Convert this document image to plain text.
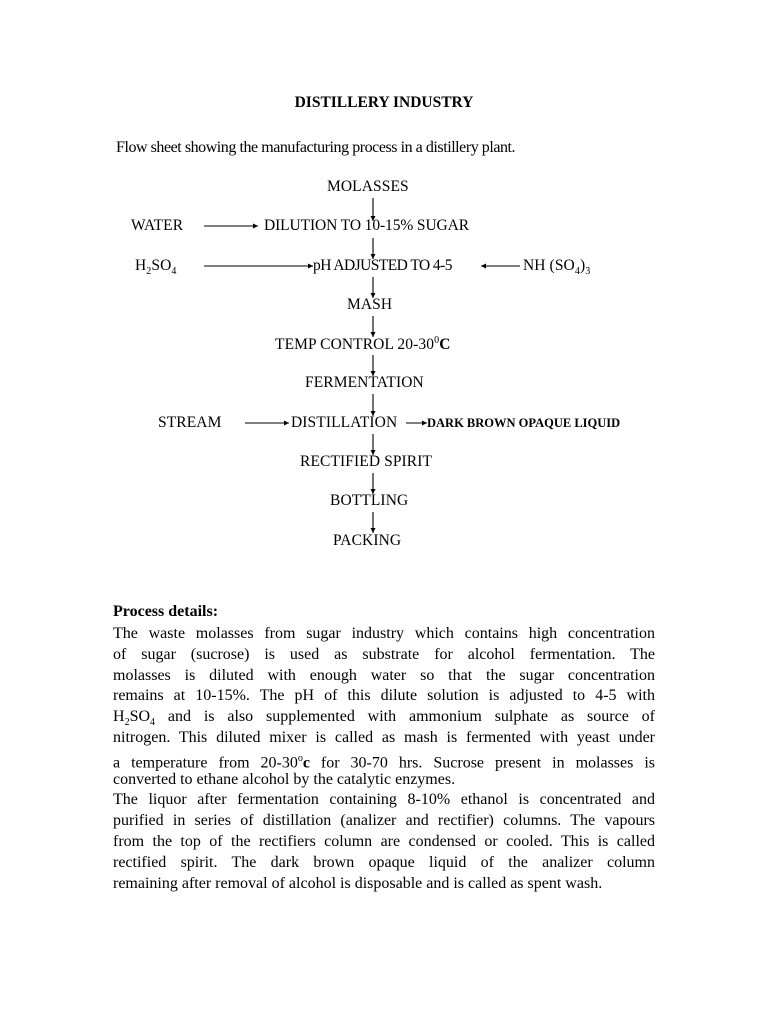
DISTILLERY INDUSTRY
Flow sheet showing the manufacturing process in a distillery plant.
MOLASSES
WATER	DILUTION TO 10-15% SUGAR
$H_2SO_4$	pH ADJUSTED TO 4-5	NH $(SO_4)_3$
MASH
TEMP CONTROL $20-30^0C$
FERMENTATION
STREAM	DISTILLATION DARK BROWN OPAQUE LIQUID
RECTIFIED SPIRIT
BOTTLING
PACKING
Process details:
The waste molasses from sugar industry which contains high concentration
of sugar (sucrose) is used as substrate for alcohol fermentation. The
molasses is diluted with enough water so that the sugar concentration
remains at 10-15%. The pH of this dilute solution is adjusted to 4-5 with
$H_2SO_4$ and is also supplemented with ammonium sulphate as source of
nitrogen. This diluted mixer is called as mash is fermented with yeast under
a temperature from 20-30$^o$c for 30-70 hrs. Sucrose present in molasses is
converted to ethane alcohol by the catalytic enzymes.
The liquor after fermentation containing 8-10% ethanol is concentrated and
purified in series of distillation (analizer and rectifier) columns. The vapours
from the top of the rectifiers column are condensed or cooled. This is called
rectified spirit. The dark brown opaque liquid of the analizer column
remaining after removal of alcohol is disposable and is called as spent wash.
